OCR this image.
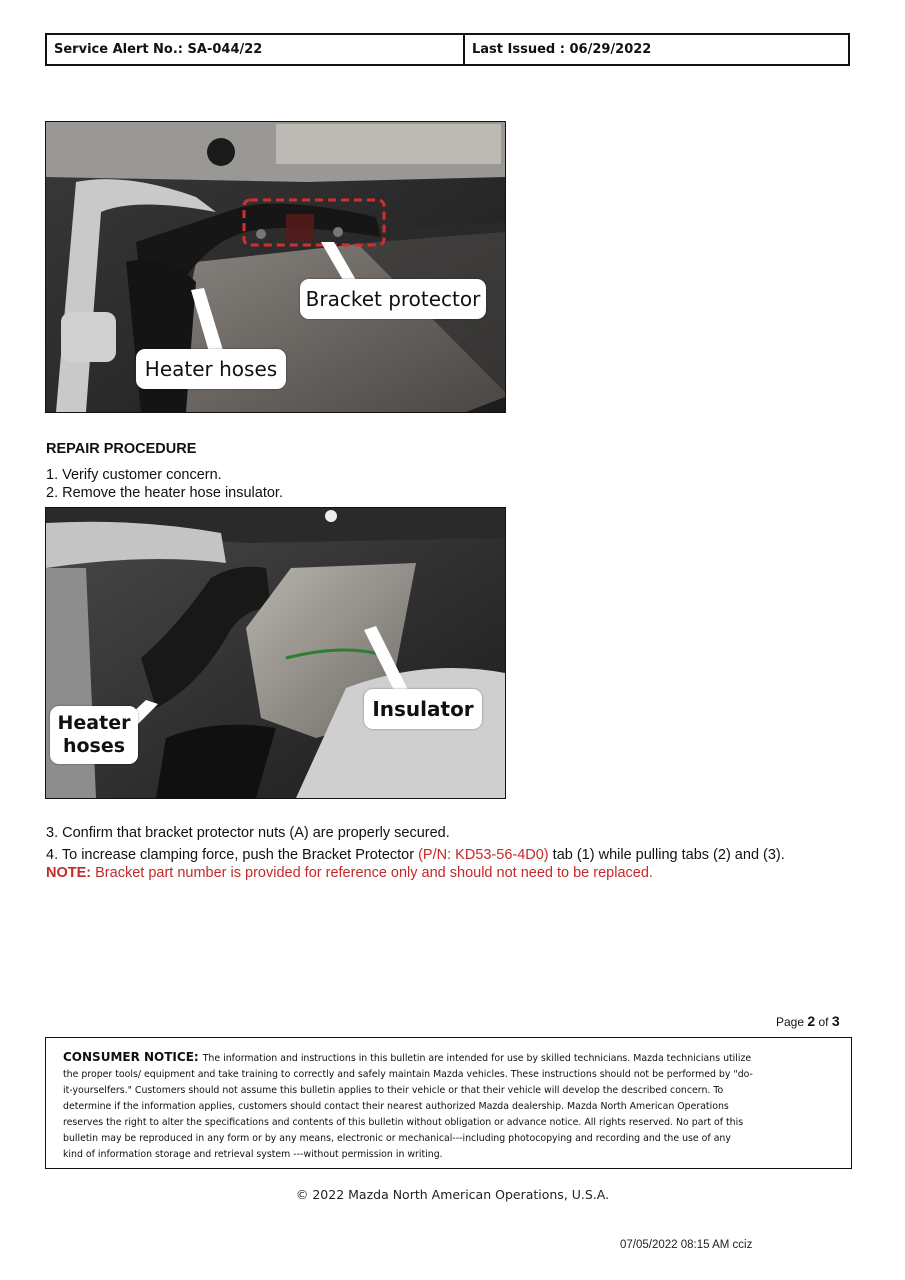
Service Alert No.: SA-044/22	Last Issued : 06/29/2022
Bracket protector
Heater hoses
REPAIR PROCEDURE
1. Verify customer concern.
2. Remove the heater hose insulator.
Insulator
Heater
hoses
3. Confirm that bracket protector nuts (A) are properly secured.
4. To increase clamping force, push the Bracket Protector (P/N: KD53-56-4D0) tab (1) while pulling tabs (2) and (3).
NOTE: Bracket part number is provided for reference only and should not need to be replaced.
Page 2 of 3
CONSUMER NOTICE: The information and instructions in this bulletin are intended for use by skilled technicians. Mazda technicians utilize
the proper tools/ equipment and take training to correctly and safely maintain Mazda vehicles. These instructions should not be performed by "do-
it-yourselfers." Customers should not assume this bulletin applies to their vehicle or that their vehicle will develop the described concern. To
determine if the information applies, customers should contact their nearest authorized Mazda dealership. Mazda North American Operations
reserves the right to alter the specifications and contents of this bulletin without obligation or advance notice. All rights reserved. No part of this
bulletin may be reproduced in any form or by any means, electronic or mechanical---including photocopying and recording and the use of any
kind of information storage and retrieval system ---without permission in writing.
© 2022 Mazda North American Operations, U.S.A.
07/05/2022 08:15 AM cciz
